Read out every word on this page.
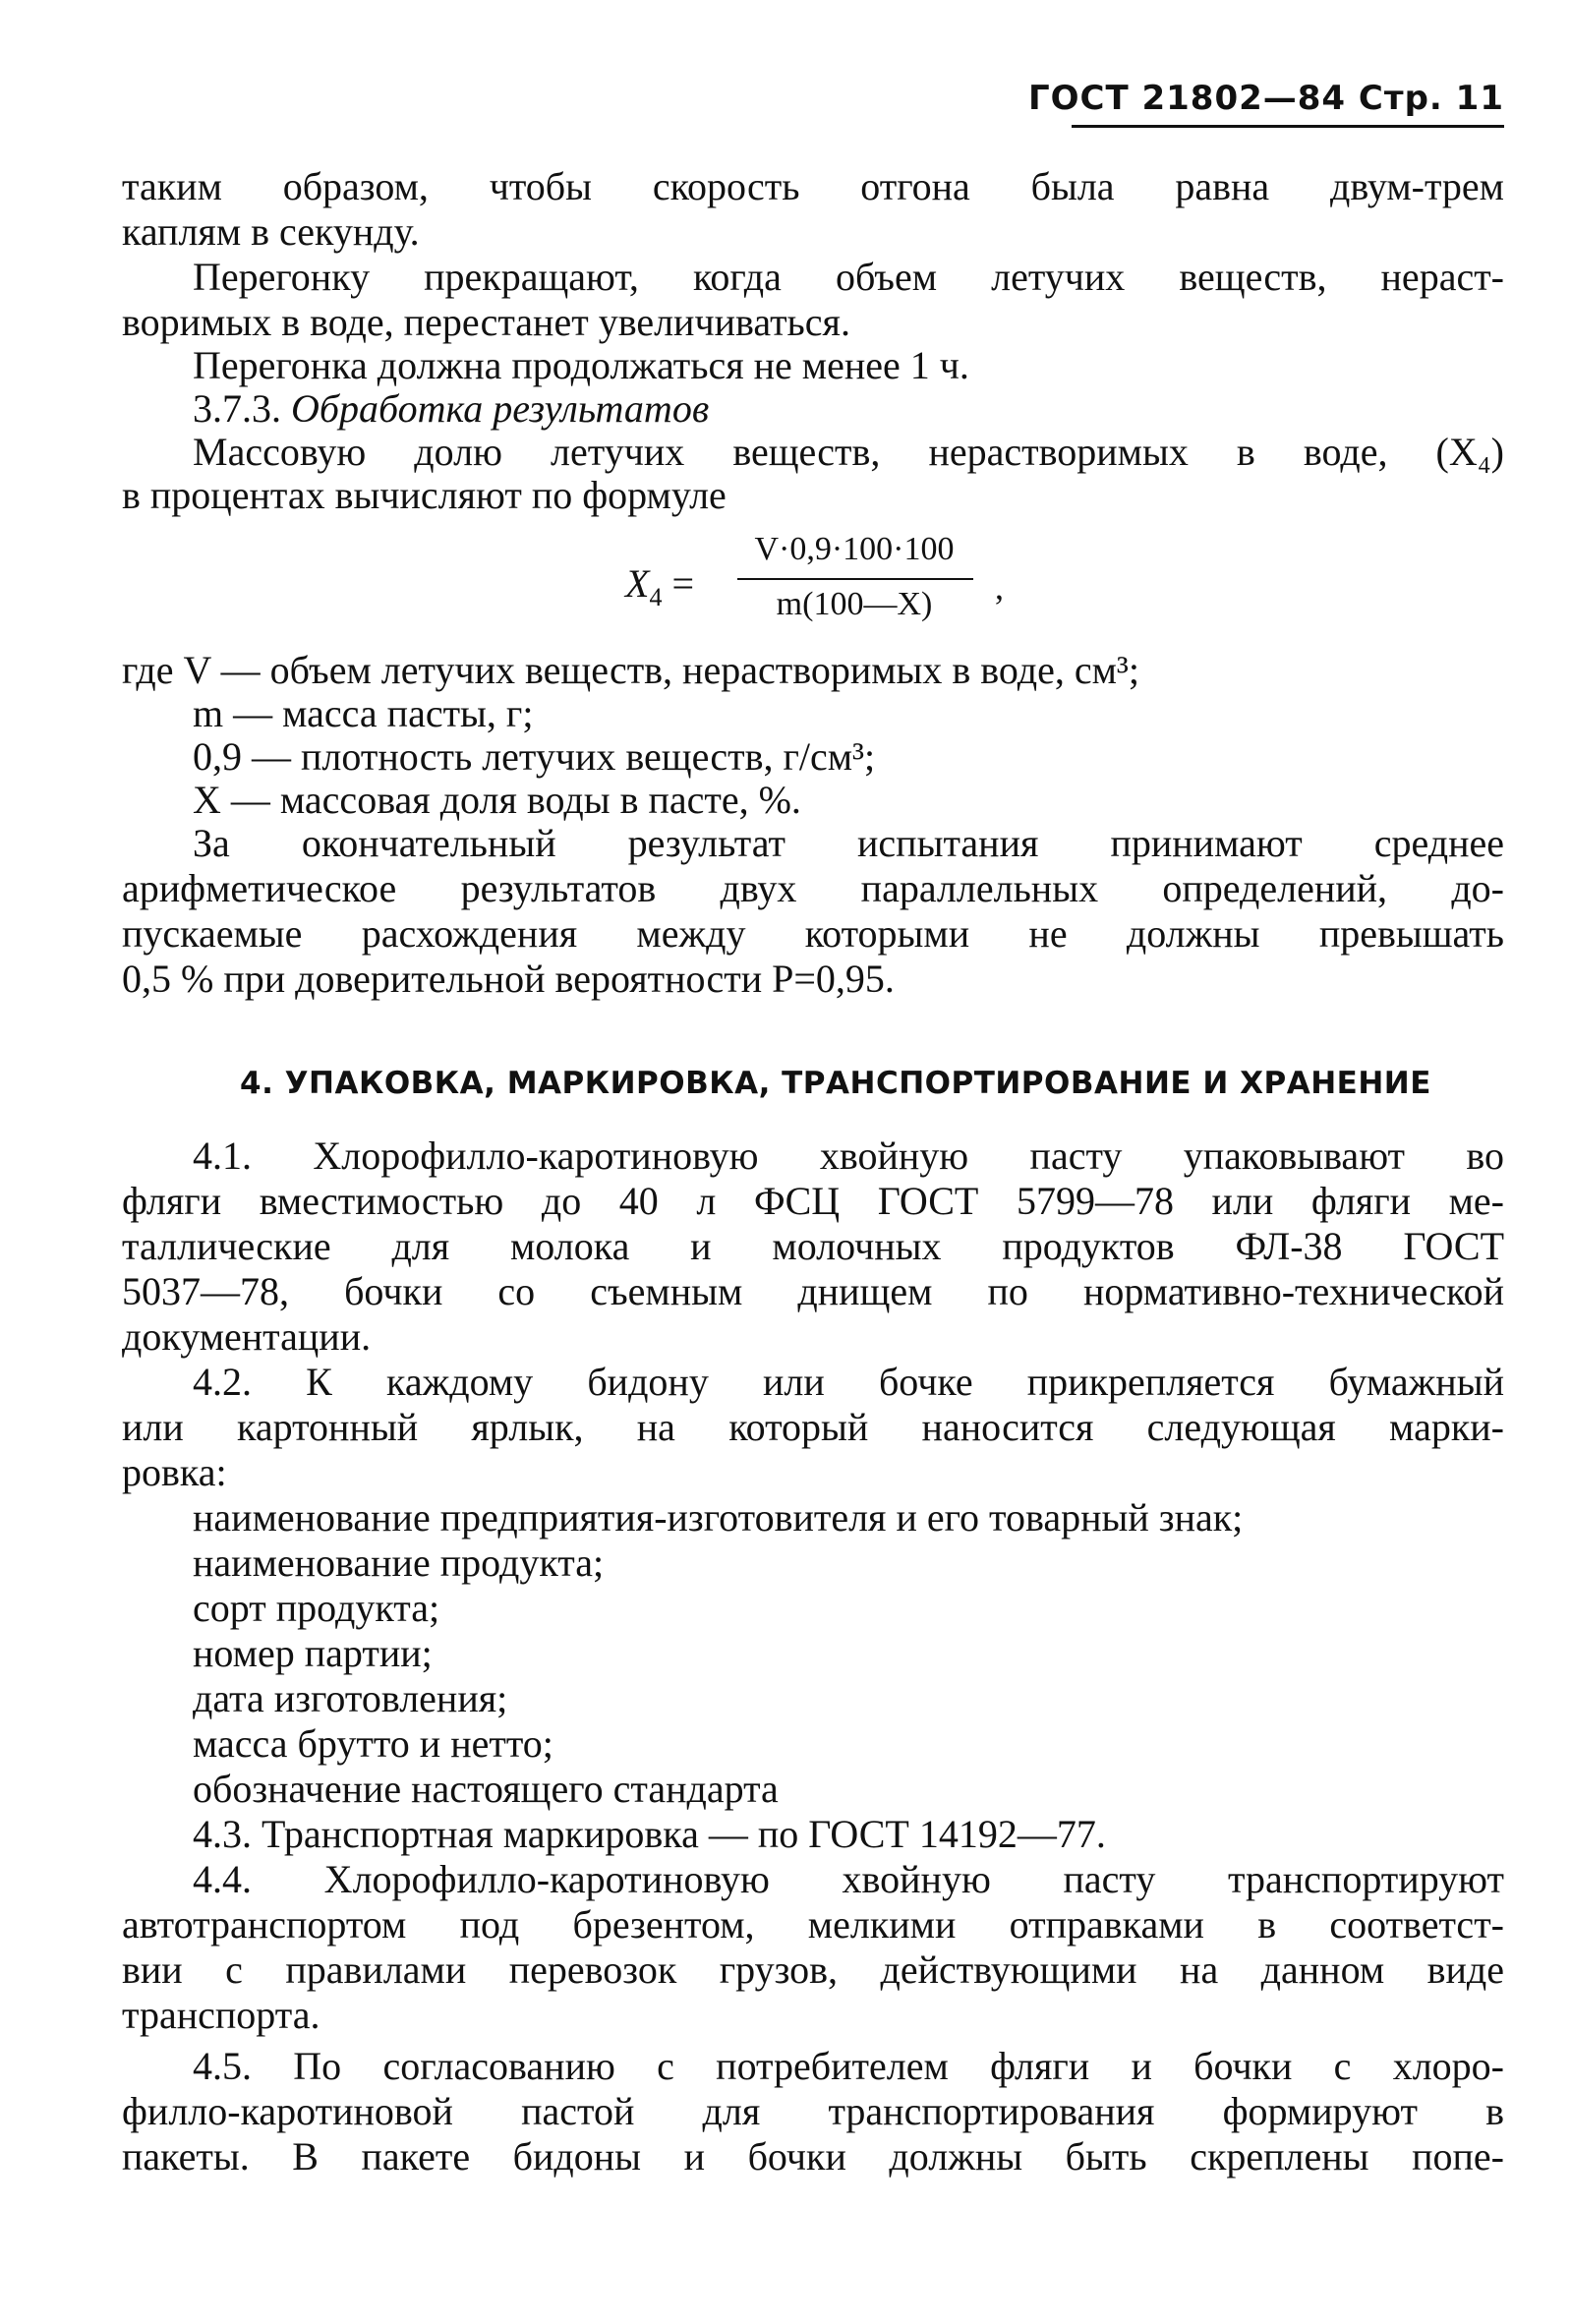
ГОСТ 21802—84 Стр. 11
таким образом, чтобы скорость отгона была равна двум-трем
каплям в секунду.
Перегонку прекращают, когда объем летучих веществ, нераст-
воримых в воде, перестанет увеличиваться.
Перегонка должна продолжаться не менее 1 ч.
3.7.3. Обработка результатов
Массовую долю летучих веществ, нерастворимых в воде, (X₄)
в процентах вычисляют по формуле
$X_4$ =
V·0,9·100·100
m(100—X)	,
где V — объем летучих веществ, нерастворимых в воде, см³;
m — масса пасты, г;
0,9 — плотность летучих веществ, г/см³;
X — массовая доля воды в пасте, %.
За окончательный результат испытания принимают среднее
арифметическое результатов двух параллельных определений, до-
пускаемые расхождения между которыми не должны превышать
0,5 % при доверительной вероятности P=0,95.
4. УПАКОВКА, МАРКИРОВКА, ТРАНСПОРТИРОВАНИЕ И ХРАНЕНИЕ
4.1. Хлорофилло-каротиновую хвойную пасту упаковывают во
фляги вместимостью до 40 л ФСЦ ГОСТ 5799—78 или фляги ме-
таллические для молока и молочных продуктов ФЛ-38 ГОСТ
5037—78, бочки со съемным днищем по нормативно-технической
документации.
4.2. К каждому бидону или бочке прикрепляется бумажный
или картонный ярлык, на который наносится следующая марки-
ровка:
наименование предприятия-изготовителя и его товарный знак;
наименование продукта;
сорт продукта;
номер партии;
дата изготовления;
масса брутто и нетто;
обозначение настоящего стандарта
4.3. Транспортная маркировка — по ГОСТ 14192—77.
4.4. Хлорофилло-каротиновую хвойную пасту транспортируют
автотранспортом под брезентом, мелкими отправками в соответст-
вии с правилами перевозок грузов, действующими на данном виде
транспорта.
4.5. По согласованию с потребителем фляги и бочки с хлоро-
филло-каротиновой пастой для транспортирования формируют в
пакеты. В пакете бидоны и бочки должны быть скреплены попе-
